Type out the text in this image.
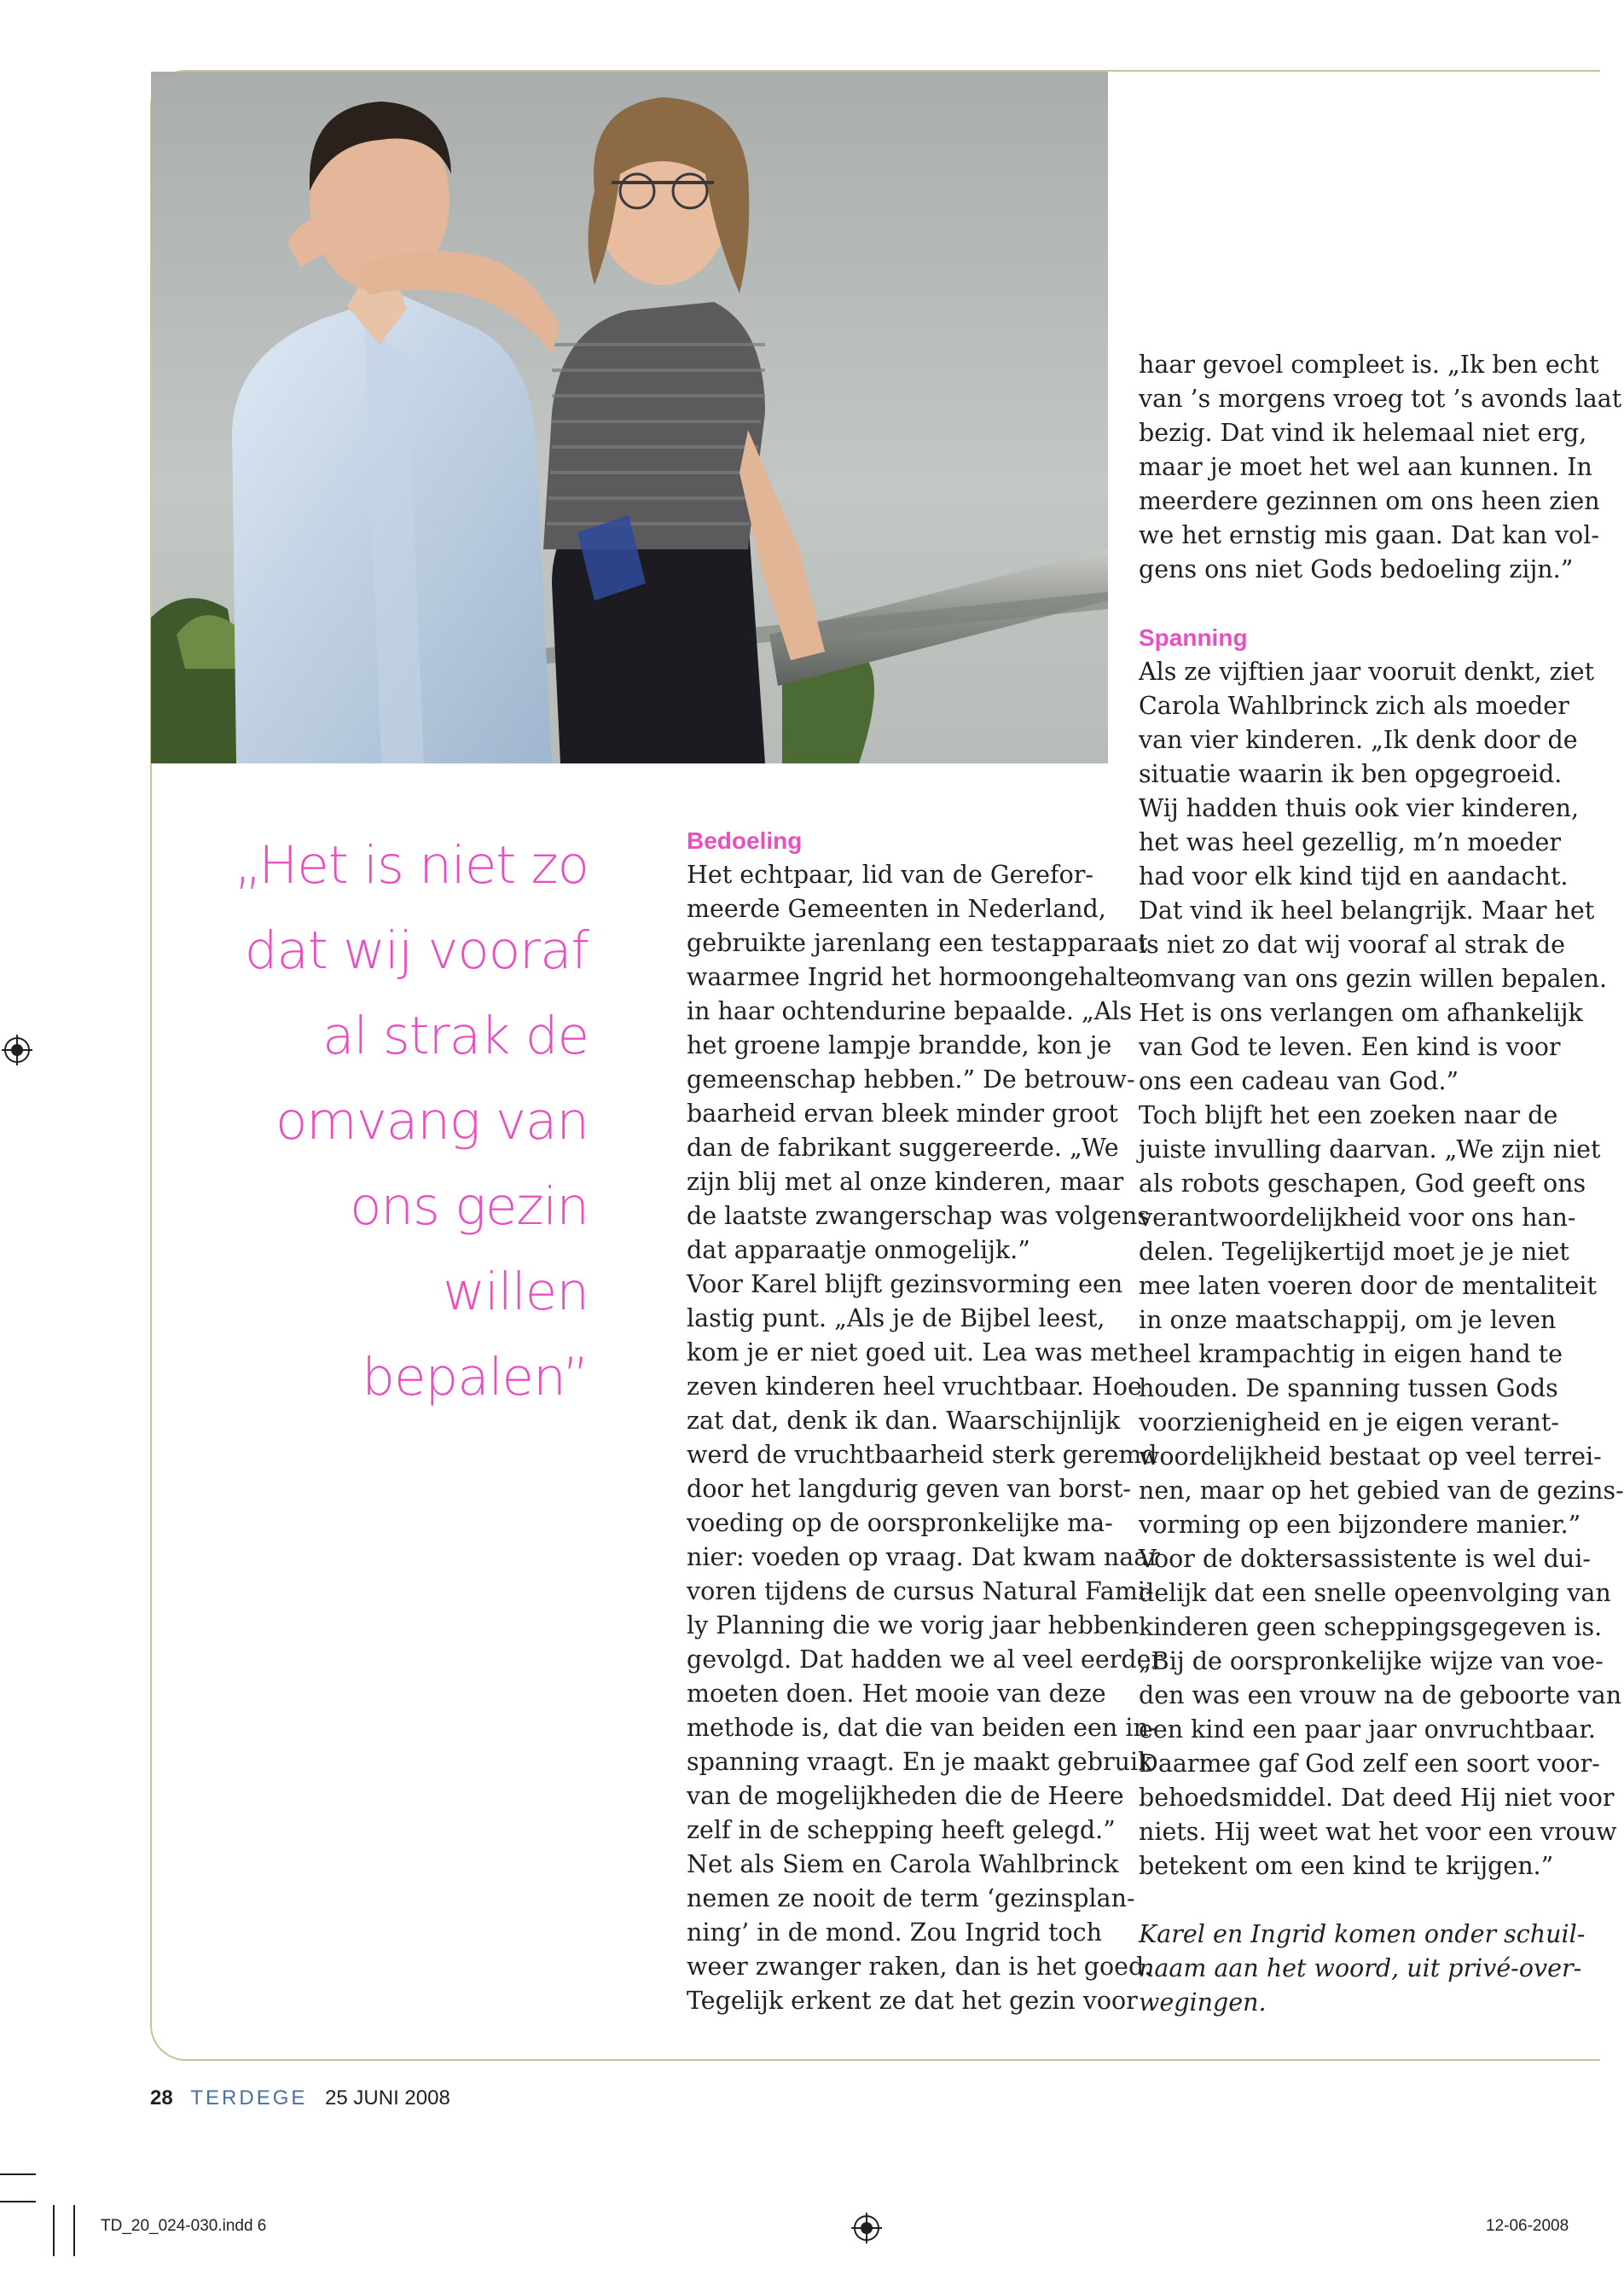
„Het is niet zo
dat wij vooraf
al strak de
omvang van
ons gezin
willen
bepalen”
Bedoeling
Het echtpaar, lid van de Gerefor-
meerde Gemeenten in Nederland,
gebruikte jarenlang een testapparaat
waarmee Ingrid het hormoongehalte
in haar ochtendurine bepaalde. „Als
het groene lampje brandde, kon je
gemeenschap hebben.” De betrouw-
baarheid ervan bleek minder groot
dan de fabrikant suggereerde. „We
zijn blij met al onze kinderen, maar
de laatste zwangerschap was volgens
dat apparaatje onmogelijk.”
Voor Karel blijft gezinsvorming een
lastig punt. „Als je de Bijbel leest,
kom je er niet goed uit. Lea was met
zeven kinderen heel vruchtbaar. Hoe
zat dat, denk ik dan. Waarschijnlijk
werd de vruchtbaarheid sterk geremd
door het langdurig geven van borst-
voeding op de oorspronkelijke ma-
nier: voeden op vraag. Dat kwam naar
voren tijdens de cursus Natural Fami-
ly Planning die we vorig jaar hebben
gevolgd. Dat hadden we al veel eerder
moeten doen. Het mooie van deze
methode is, dat die van beiden een in-
spanning vraagt. En je maakt gebruik
van de mogelijkheden die de Heere
zelf in de schepping heeft gelegd.”
Net als Siem en Carola Wahlbrinck
nemen ze nooit de term ‘gezinsplan-
ning’ in de mond. Zou Ingrid toch
weer zwanger raken, dan is het goed.
Tegelijk erkent ze dat het gezin voor
haar gevoel compleet is. „Ik ben echt
van ’s morgens vroeg tot ’s avonds laat
bezig. Dat vind ik helemaal niet erg,
maar je moet het wel aan kunnen. In
meerdere gezinnen om ons heen zien
we het ernstig mis gaan. Dat kan vol-
gens ons niet Gods bedoeling zijn.”
Spanning
Als ze vijftien jaar vooruit denkt, ziet
Carola Wahlbrinck zich als moeder
van vier kinderen. „Ik denk door de
situatie waarin ik ben opgegroeid.
Wij hadden thuis ook vier kinderen,
het was heel gezellig, m’n moeder
had voor elk kind tijd en aandacht.
Dat vind ik heel belangrijk. Maar het
is niet zo dat wij vooraf al strak de
omvang van ons gezin willen bepalen.
Het is ons verlangen om afhankelijk
van God te leven. Een kind is voor
ons een cadeau van God.”
Toch blijft het een zoeken naar de
juiste invulling daarvan. „We zijn niet
als robots geschapen, God geeft ons
verantwoordelijkheid voor ons han-
delen. Tegelijkertijd moet je je niet
mee laten voeren door de mentaliteit
in onze maatschappij, om je leven
heel krampachtig in eigen hand te
houden. De spanning tussen Gods
voorzienigheid en je eigen verant-
woordelijkheid bestaat op veel terrei-
nen, maar op het gebied van de gezins-
vorming op een bijzondere manier.”
Voor de doktersassistente is wel dui-
delijk dat een snelle opeenvolging van
kinderen geen scheppingsgegeven is.
„Bij de oorspronkelijke wijze van voe-
den was een vrouw na de geboorte van
een kind een paar jaar onvruchtbaar.
Daarmee gaf God zelf een soort voor-
behoedsmiddel. Dat deed Hij niet voor
niets. Hij weet wat het voor een vrouw
betekent om een kind te krijgen.”
Karel en Ingrid komen onder schuil-
naam aan het woord, uit privé-over-
wegingen.
28 TERDEGE 25 JUNI 2008
TD_20_024-030.indd 6	12-06-2008
